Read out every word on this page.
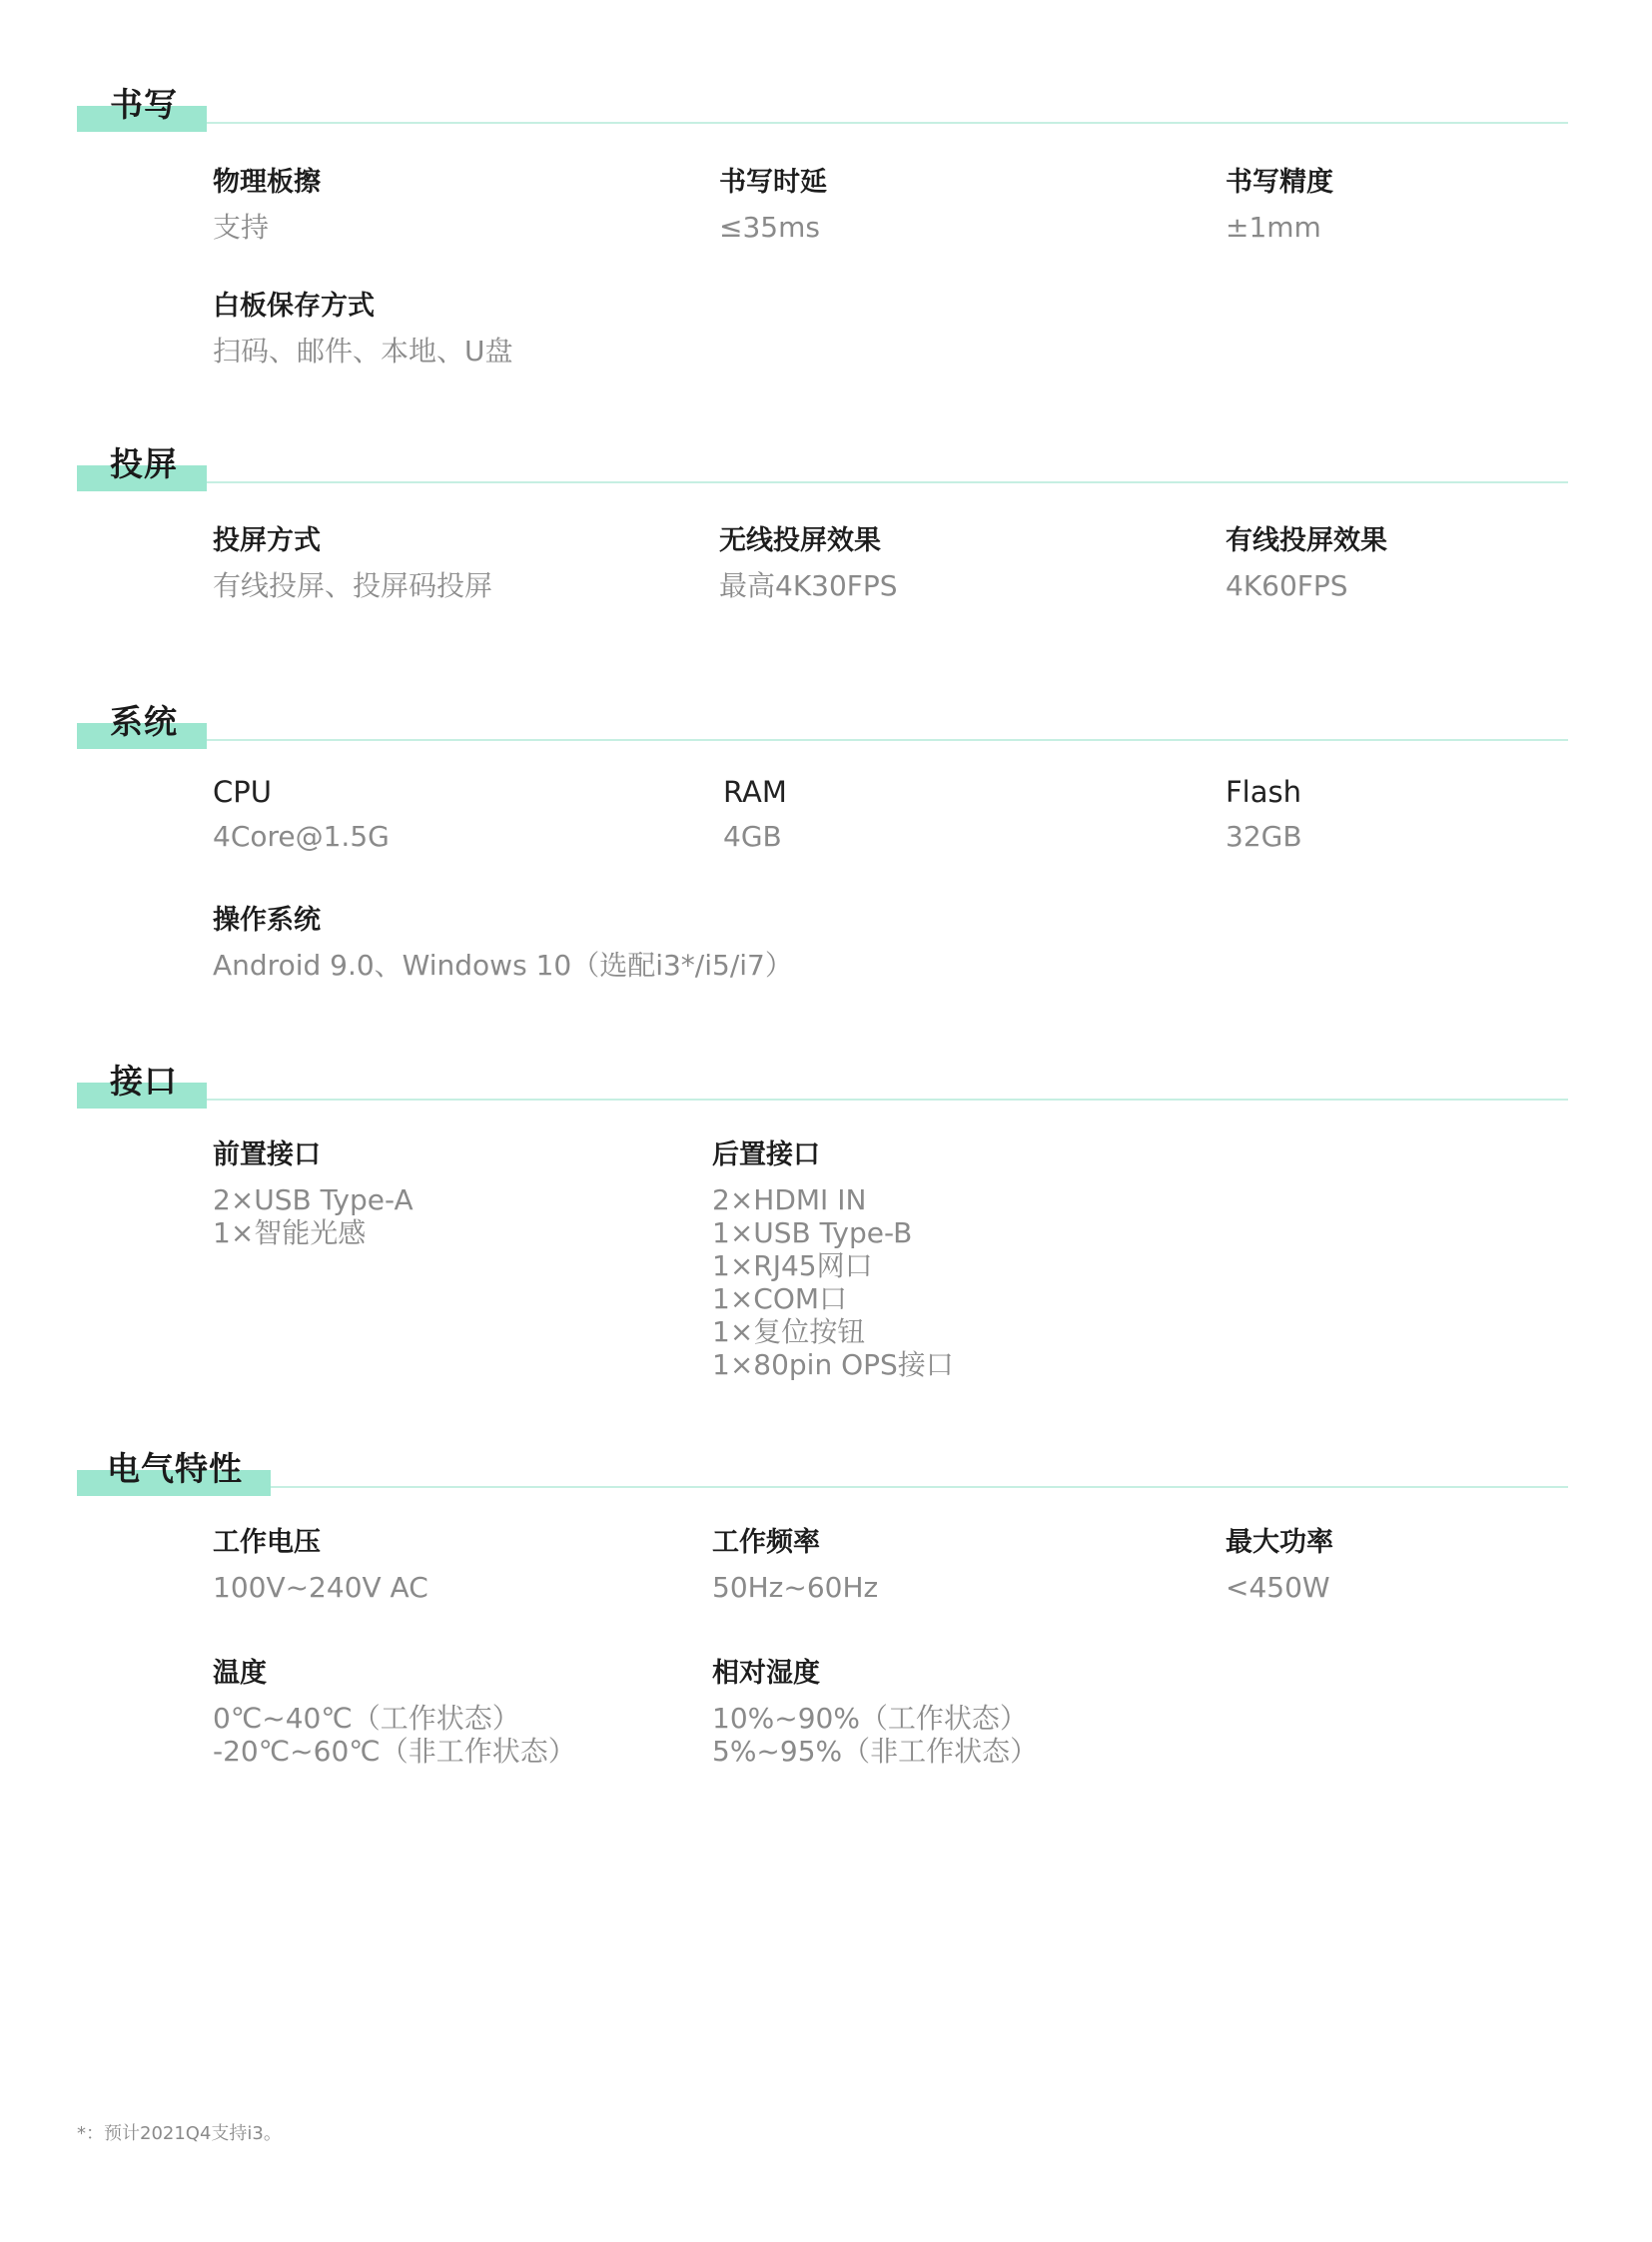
书写
物理板擦
支持
书写时延
≤35ms
书写精度
±1mm
白板保存方式
扫码、邮件、本地、U盘
投屏
投屏方式
有线投屏、投屏码投屏
无线投屏效果
最高4K30FPS
有线投屏效果
4K60FPS
系统
CPU
4Core@1.5G
RAM
4GB
Flash
32GB
操作系统
Android 9.0、Windows 10（选配i3*/i5/i7）
接口
前置接口
2×USB Type-A
1×智能光感
后置接口
2×HDMI IN
1×USB Type-B
1×RJ45网口
1×COM口
1×复位按钮
1×80pin OPS接口
电气特性
工作电压
100V~240V AC
工作频率
50Hz~60Hz
最大功率
<450W
温度
0℃~40℃（工作状态）
-20℃~60℃（非工作状态）
相对湿度
10%~90%（工作状态）
5%~95%（非工作状态）
*：预计2021Q4支持i3。
